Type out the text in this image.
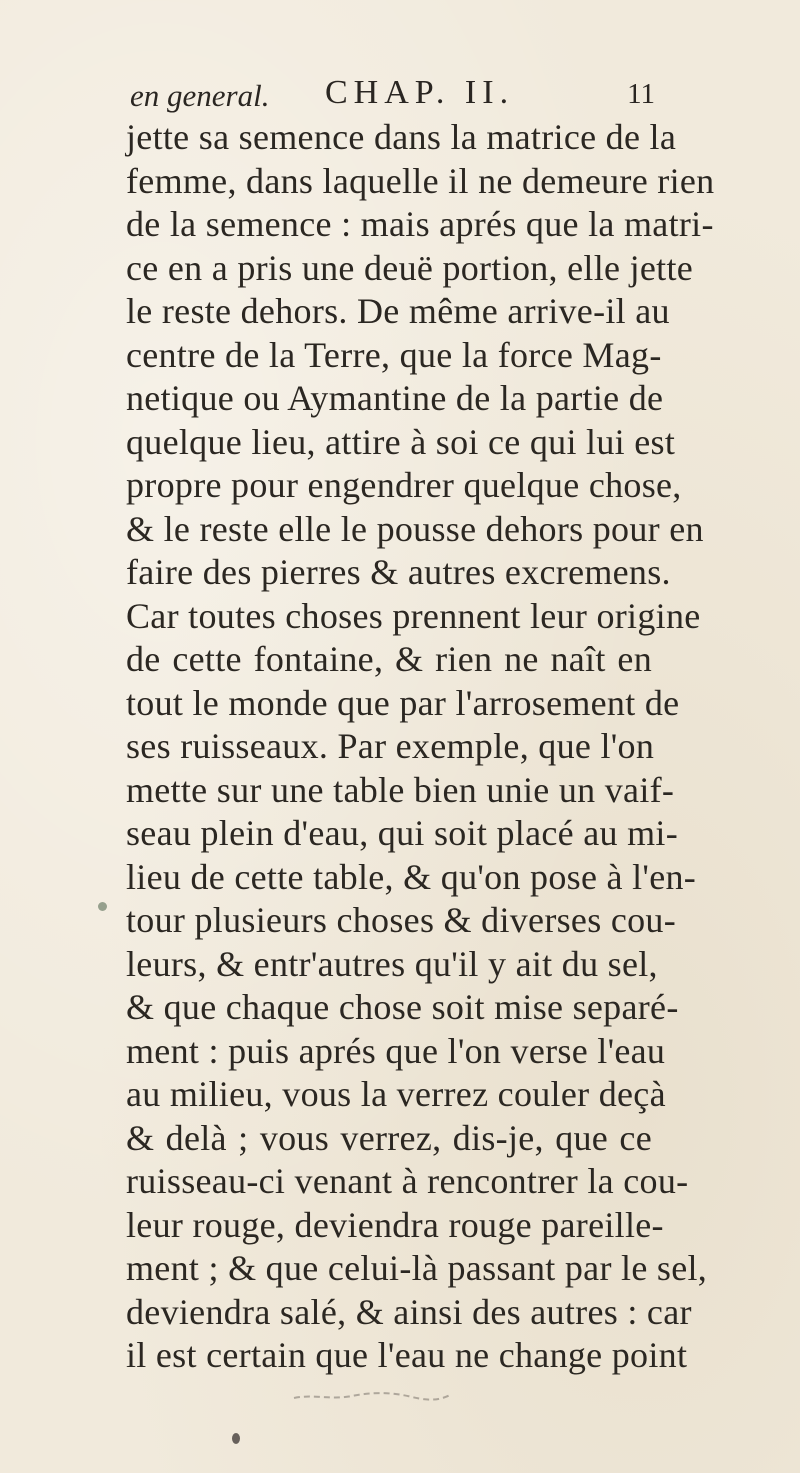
en general. CHAP. II.	11
jette sa semence dans la matrice de la
femme, dans laquelle il ne demeure rien
de la semence : mais aprés que la matri-
ce en a pris une deuë portion, elle jette
le reste dehors. De même arrive-il au
centre de la Terre, que la force Mag-
netique ou Aymantine de la partie de
quelque lieu, attire à soi ce qui lui est
propre pour engendrer quelque chose,
& le reste elle le pousse dehors pour en
faire des pierres & autres excremens.
Car toutes choses prennent leur origine
de cette fontaine, & rien ne naît en
tout le monde que par l'arrosement de
ses ruisseaux. Par exemple, que l'on
mette sur une table bien unie un vaif-
seau plein d'eau, qui soit placé au mi-
lieu de cette table, & qu'on pose à l'en-
tour plusieurs choses & diverses cou-
leurs, & entr'autres qu'il y ait du sel,
& que chaque chose soit mise separé-
ment : puis aprés que l'on verse l'eau
au milieu, vous la verrez couler deçà
& delà ; vous verrez, dis-je, que ce
ruisseau-ci venant à rencontrer la cou-
leur rouge, deviendra rouge pareille-
ment ; & que celui-là passant par le sel,
deviendra salé, & ainsi des autres : car
il est certain que l'eau ne change point
